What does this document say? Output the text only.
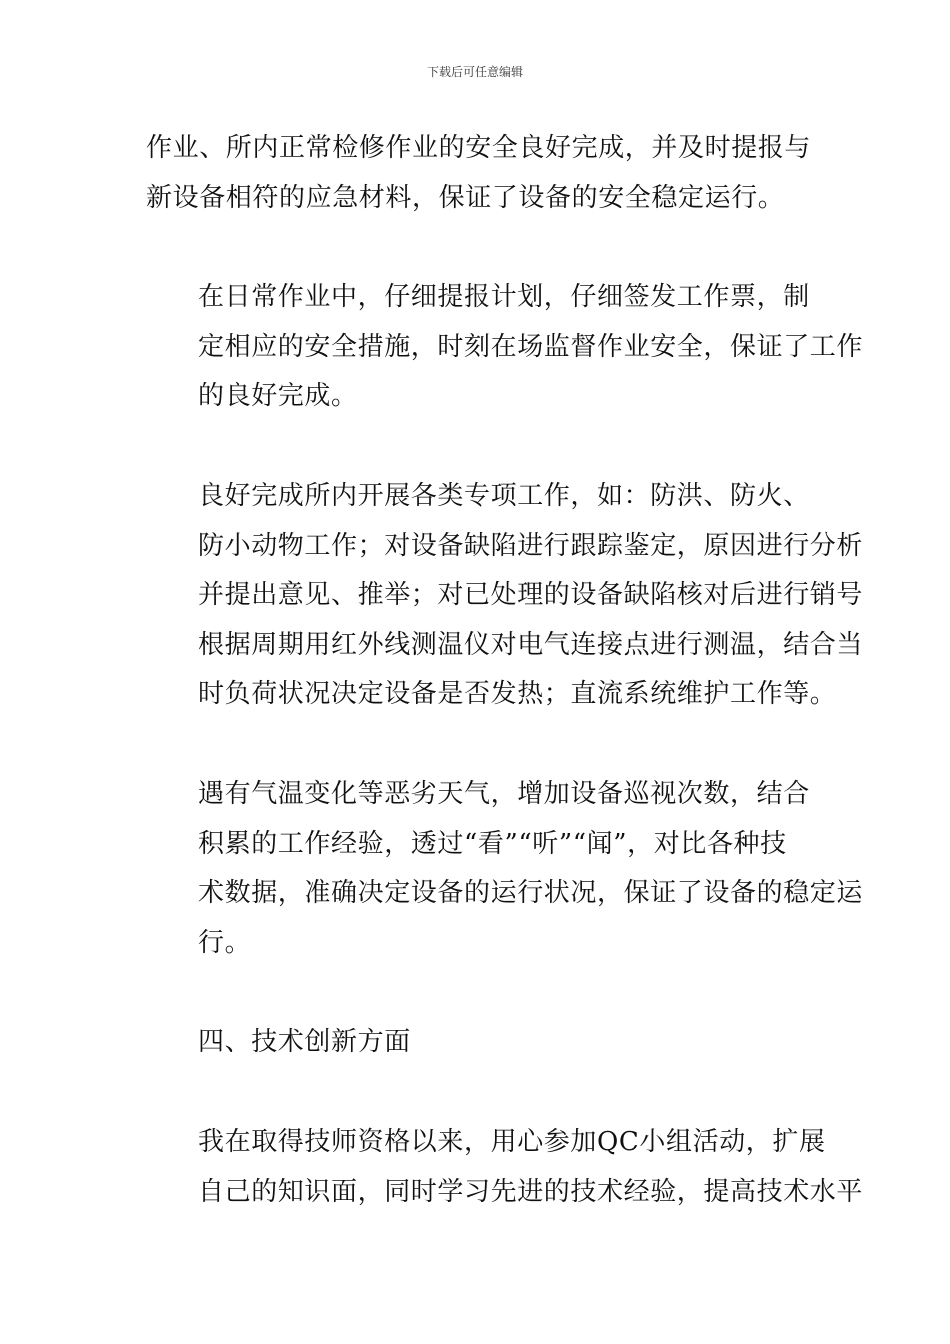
下载后可任意编辑

作业、所内正常检修作业的安全良好完成，并及时提报与
新设备相符的应急材料，保证了设备的安全稳定运行。

在日常作业中，仔细提报计划，仔细签发工作票，制
定相应的安全措施，时刻在场监督作业安全，保证了工作
的良好完成。

良好完成所内开展各类专项工作，如：防洪、防火、
防小动物工作；对设备缺陷进行跟踪鉴定，原因进行分析
并提出意见、推举；对已处理的设备缺陷核对后进行销号
根据周期用红外线测温仪对电气连接点进行测温，结合当
时负荷状况决定设备是否发热；直流系统维护工作等。

遇有气温变化等恶劣天气，增加设备巡视次数，结合
积累的工作经验，透过“看”“听”“闻”，对比各种技
术数据，准确决定设备的运行状况，保证了设备的稳定运
行。

四、技术创新方面

我在取得技师资格以来，用心参加QC小组活动，扩展
自己的知识面，同时学习先进的技术经验，提高技术水平
